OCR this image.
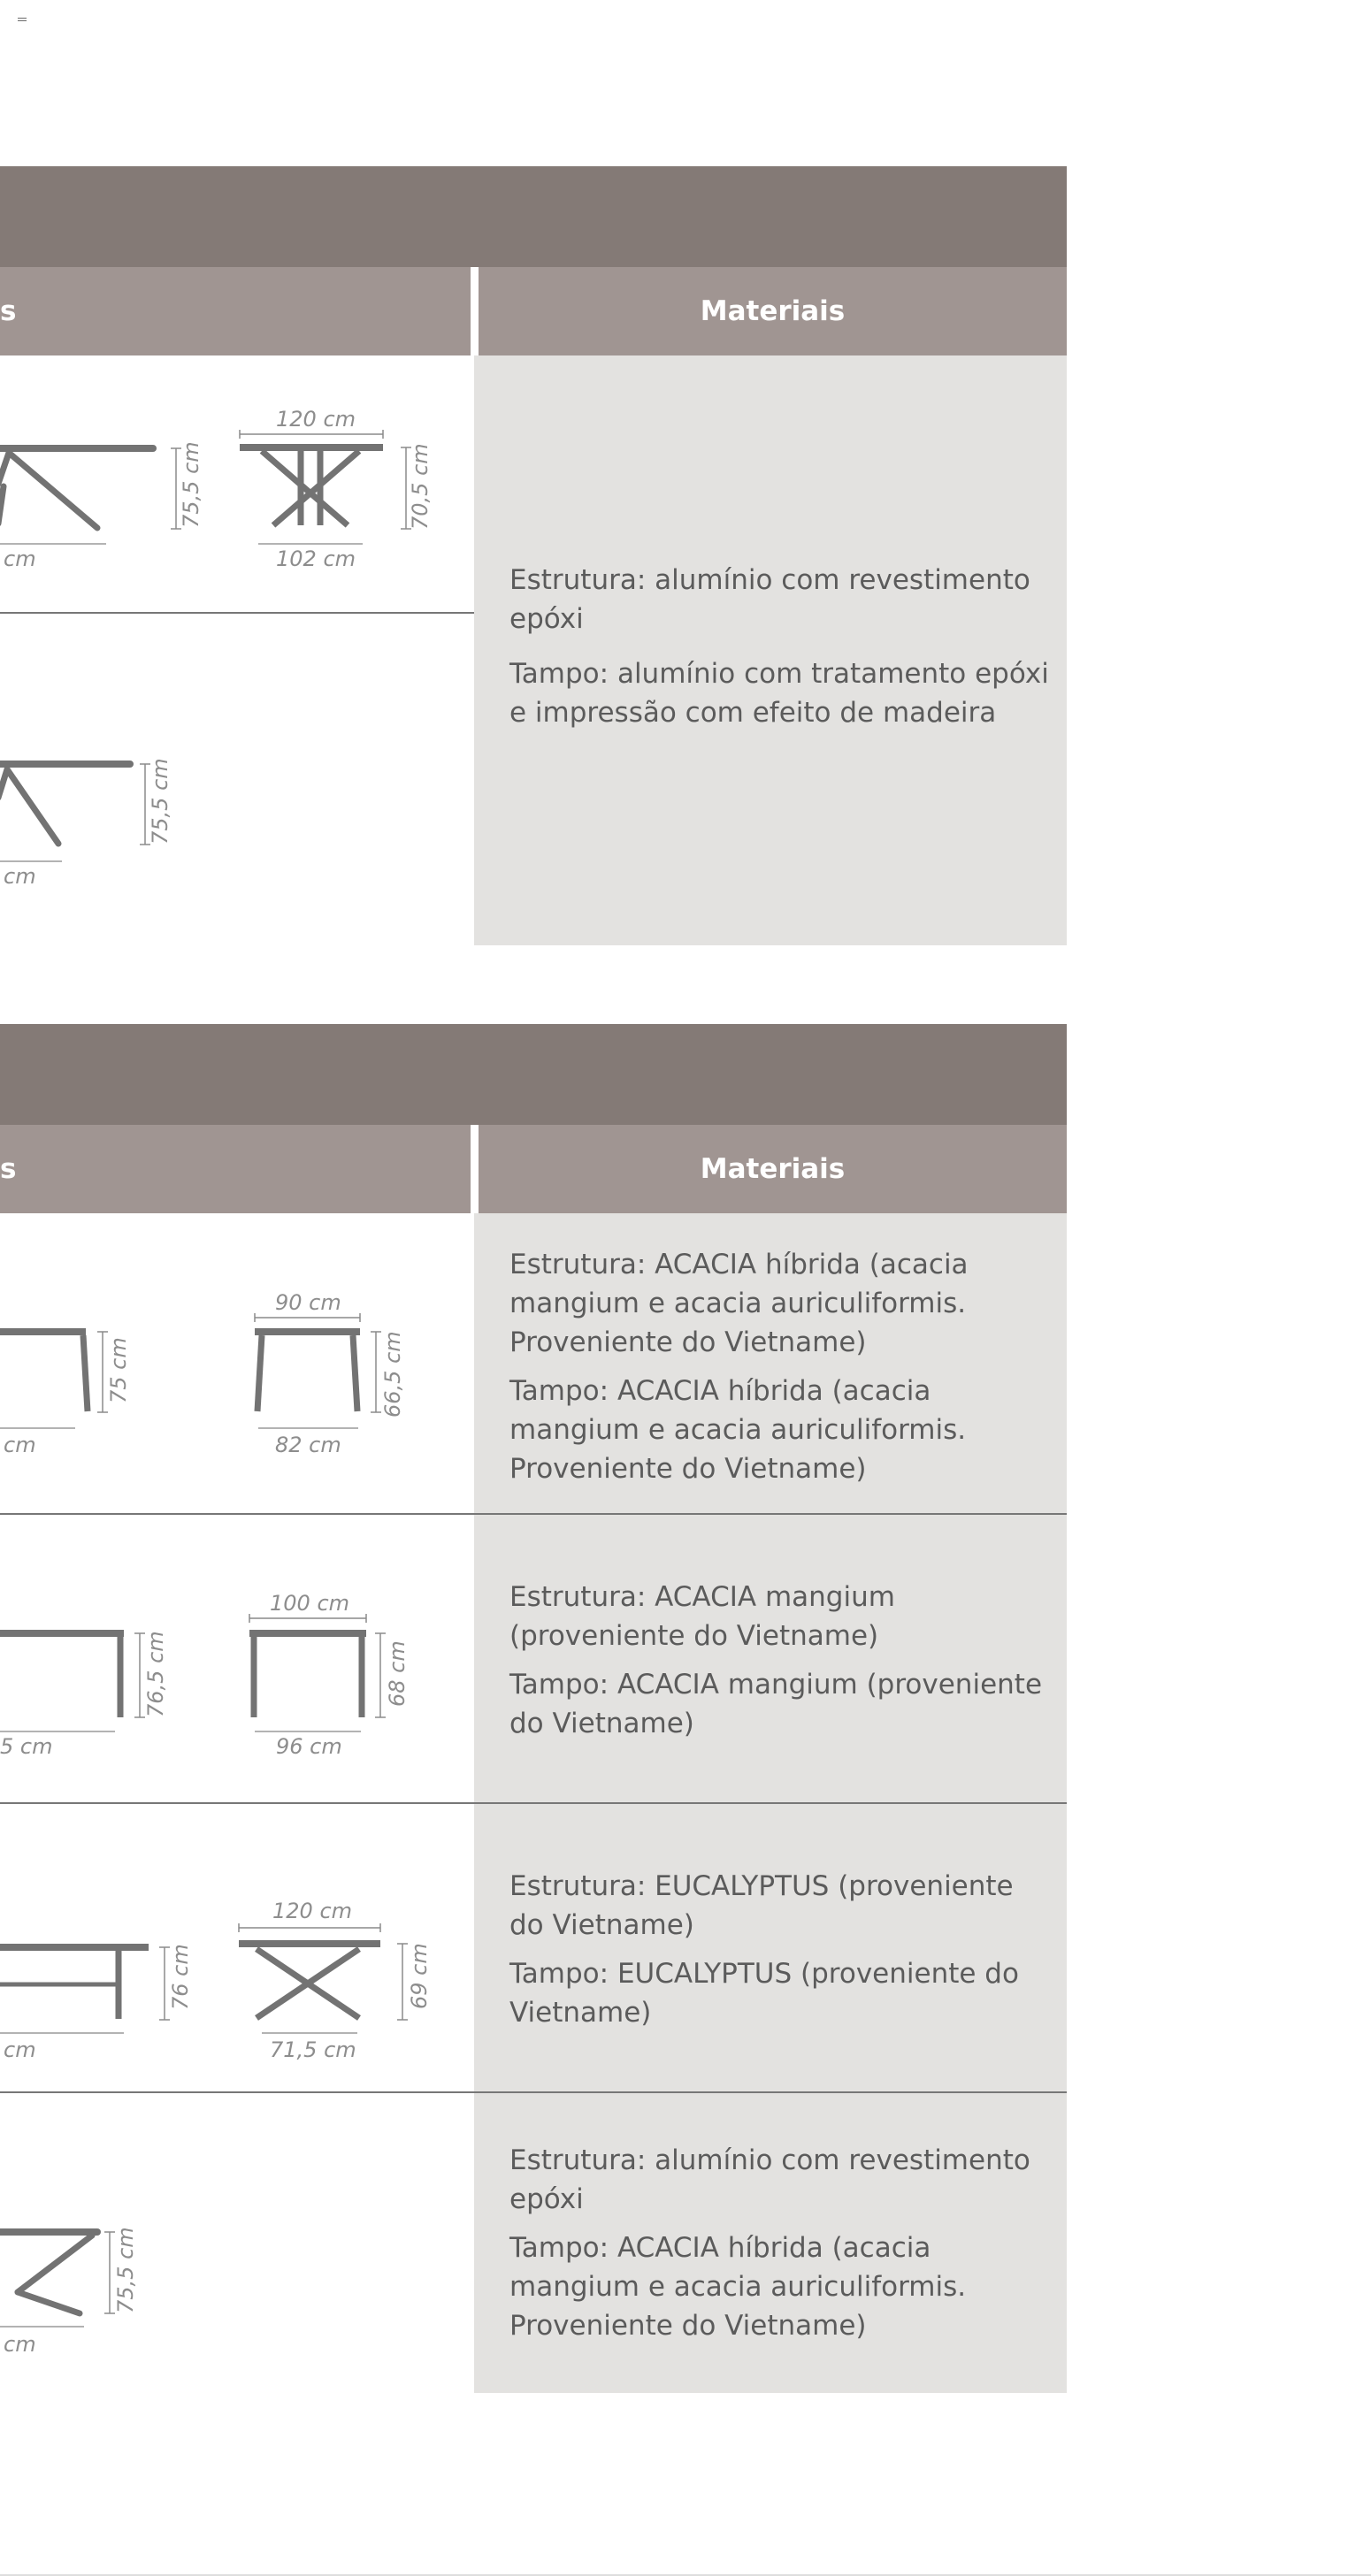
s	Materiais

Estrutura: alumínio com revestimento epóxi

Tampo: alumínio com tratamento epóxi e impressão com efeito de madeira

cm
75,5 cm
120 cm
102 cm
70,5 cm
cm
75,5 cm
s	Materiais

Estrutura: ACACIA híbrida (acacia mangium e acacia auriculiformis. Proveniente do Vietname)

Tampo: ACACIA híbrida (acacia mangium e acacia auriculiformis. Proveniente do Vietname)

Estrutura: ACACIA mangium (proveniente do Vietname)

Tampo: ACACIA mangium (proveniente do Vietname)

Estrutura: EUCALYPTUS (proveniente do Vietname)

Tampo: EUCALYPTUS (proveniente do Vietname)

Estrutura: alumínio com revestimento epóxi

Tampo: ACACIA híbrida (acacia mangium e acacia auriculiformis. Proveniente do Vietname)

75 cm
cm
90 cm
82 cm
66,5 cm
76,5 cm
5 cm
100 cm
96 cm
68 cm
76 cm
cm
120 cm
71,5 cm
69 cm
75,5 cm
cm
